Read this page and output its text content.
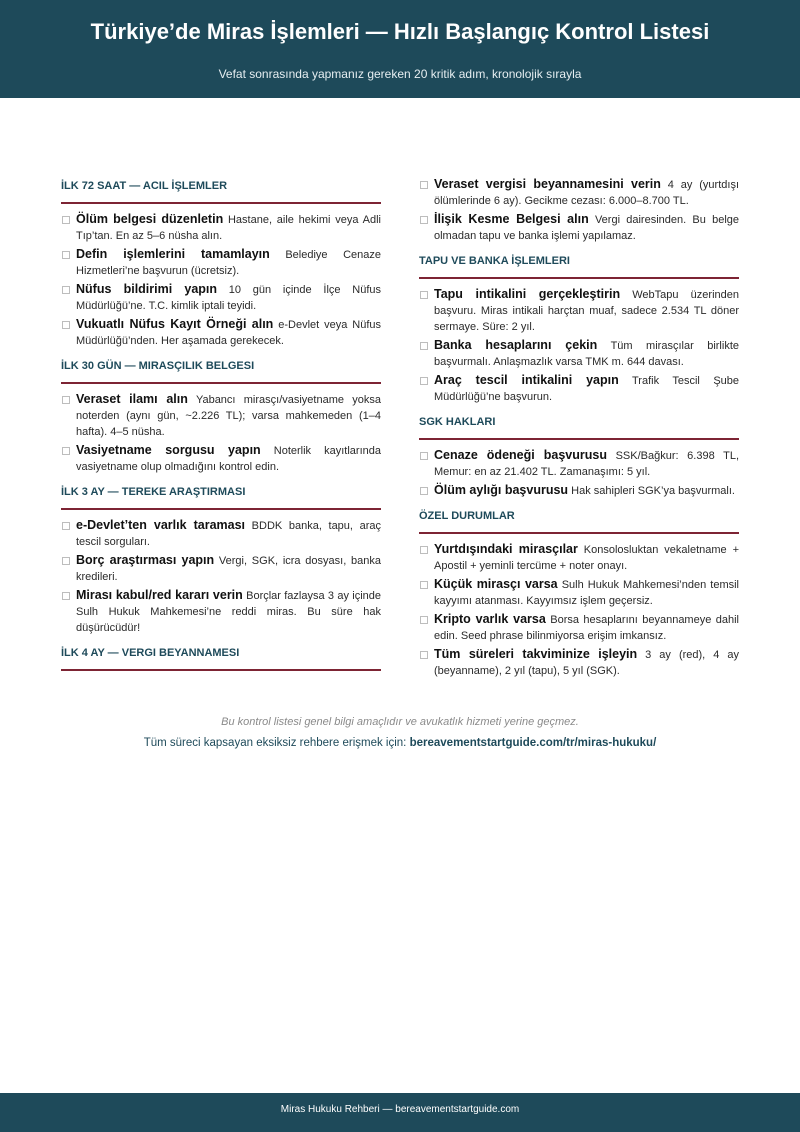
Türkiye’de Miras İşlemleri — Hızlı Başlangıç Kontrol Listesi

Vefat sonrasında yapmanız gereken 20 kritik adım, kronolojik sırayla

İLK 72 SAAT — ACIL İŞLEMLER

Ölüm belgesi düzenletin Hastane, aile hekimi veya Adli Tıp’tan. En az 5–6 nüsha alın.

Defin işlemlerini tamamlayın Belediye Cenaze Hizmetleri’ne başvurun (ücretsiz).

Nüfus bildirimi yapın 10 gün içinde İlçe Nüfus Müdürlüğü’ne. T.C. kimlik iptali teyidi.

Vukuatlı Nüfus Kayıt Örneği alın e-Devlet veya Nüfus Müdürlüğü’nden. Her aşamada gerekecek.

İLK 30 GÜN — MIRASÇILIK BELGESI

Veraset ilamı alın Yabancı mirasçı/vasiyetname yoksa noterden (aynı gün, ~2.226 TL); varsa mahkemeden (1–4 hafta). 4–5 nüsha.

Vasiyetname sorgusu yapın Noterlik kayıtlarında vasiyetname olup olmadığını kontrol edin.

İLK 3 AY — TEREKE ARAŞTIRMASI

e-Devlet’ten varlık taraması BDDK banka, tapu, araç tescil sorguları.

Borç araştırması yapın Vergi, SGK, icra dosyası, banka kredileri.

Mirası kabul/red kararı verin Borçlar fazlaysa 3 ay içinde Sulh Hukuk Mahkemesi’ne reddi miras. Bu süre hak düşürücüdür!

İLK 4 AY — VERGI BEYANNAMESI

Veraset vergisi beyannamesini verin 4 ay (yurtdışı ölümlerinde 6 ay). Gecikme cezası: 6.000–8.700 TL.

İlişik Kesme Belgesi alın Vergi dairesinden. Bu belge olmadan tapu ve banka işlemi yapılamaz.

TAPU VE BANKA İŞLEMLERI

Tapu intikalini gerçekleştirin WebTapu üzerinden başvuru. Miras intikali harçtan muaf, sadece 2.534 TL döner sermaye. Süre: 2 yıl.

Banka hesaplarını çekin Tüm mirasçılar birlikte başvurmalı. Anlaşmazlık varsa TMK m. 644 davası.

Araç tescil intikalini yapın Trafik Tescil Şube Müdürlüğü’ne başvurun.

SGK HAKLARI

Cenaze ödeneği başvurusu SSK/Bağkur: 6.398 TL, Memur: en az 21.402 TL. Zamanaşımı: 5 yıl.

Ölüm aylığı başvurusu Hak sahipleri SGK’ya başvurmalı.

ÖZEL DURUMLAR

Yurtdışındaki mirasçılar Konsolosluktan vekaletname + Apostil + yeminli tercüme + noter onayı.

Küçük mirasçı varsa Sulh Hukuk Mahkemesi’nden temsil kayyımı atanması. Kayyımsız işlem geçersiz.

Kripto varlık varsa Borsa hesaplarını beyannameye dahil edin. Seed phrase bilinmiyorsa erişim imkansız.

Tüm süreleri takviminize işleyin 3 ay (red), 4 ay (beyanname), 2 yıl (tapu), 5 yıl (SGK).

Bu kontrol listesi genel bilgi amaçlıdır ve avukatlık hizmeti yerine geçmez.

Tüm süreci kapsayan eksiksiz rehbere erişmek için: bereavementstartguide.com/tr/miras-hukuku/

Miras Hukuku Rehberi — bereavementstartguide.com
